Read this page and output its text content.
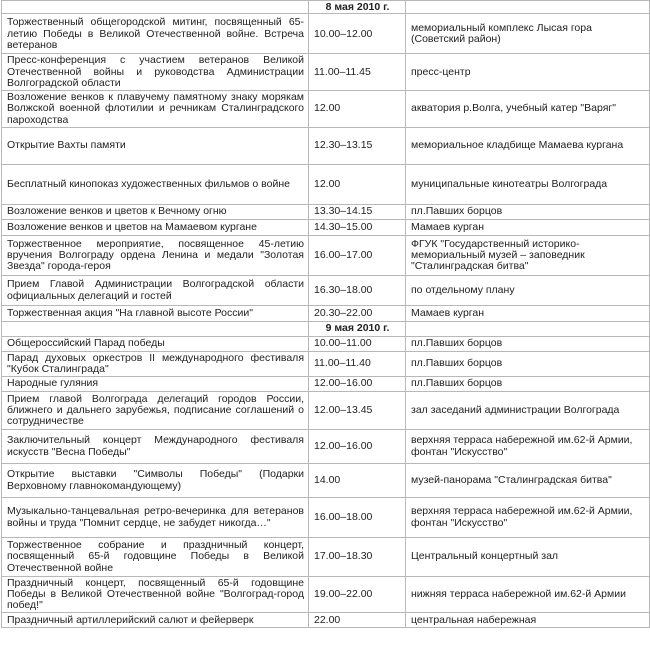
	8 мая 2010 г.	
Торжественный общегородской митинг, посвященный 65-летию Победы в Великой Отечественной войне. Встреча ветеранов	10.00–12.00	мемориальный комплекс Лысая гора (Советский район)
Пресс-конференция с участием ветеранов Великой Отечественной войны и руководства Администрации Волгоградской области	11.00–11.45	пресс-центр
Возложение венков к плавучему памятному знаку морякам Волжской военной флотилии и речникам Сталинградского пароходства	12.00	акватория р.Волга, учебный катер "Варяг"
Открытие Вахты памяти	12.30–13.15	мемориальное кладбище Мамаева кургана
Бесплатный кинопоказ художественных фильмов о войне	12.00	муниципальные кинотеатры Волгограда
Возложение венков и цветов к Вечному огню	13.30–14.15	пл.Павших борцов
Возложение венков и цветов на Мамаевом кургане	14.30–15.00	Мамаев курган
Торжественное мероприятие, посвященное 45-летию вручения Волгограду ордена Ленина и медали "Золотая Звезда" города-героя	16.00–17.00	ФГУК "Государственный историко-мемориальный музей – заповедник "Сталинградская битва"
Прием Главой Администрации Волгоградской области официальных делегаций и гостей	16.30–18.00	по отдельному плану
Торжественная акция "На главной высоте России"	20.30–22.00	Мамаев курган
	9 мая 2010 г.	
Общероссийский Парад победы	10.00–11.00	пл.Павших борцов
Парад духовых оркестров II международного фестиваля "Кубок Сталинграда"	11.00–11.40	пл.Павших борцов
Народные гуляния	12.00–16.00	пл.Павших борцов
Прием главой Волгограда делегаций городов России, ближнего и дальнего зарубежья, подписание соглашений о сотрудничестве	12.00–13.45	зал заседаний администрации Волгограда
Заключительный концерт Международного фестиваля искусств "Весна Победы"	12.00–16.00	верхняя терраса набережной им.62-й Армии, фонтан "Искусство"
Открытие выставки "Символы Победы" (Подарки Верховному главнокомандующему)	14.00	музей-панорама "Сталинградская битва"
Музыкально-танцевальная ретро-вечеринка для ветеранов войны и труда "Помнит сердце, не забудет никогда…"	16.00–18.00	верхняя терраса набережной им.62-й Армии, фонтан "Искусство"
Торжественное собрание и праздничный концерт, посвященный 65-й годовщине Победы в Великой Отечественной войне	17.00–18.30	Центральный концертный зал
Праздничный концерт, посвященный 65-й годовщине Победы в Великой Отечественной войне "Волгоград-город побед!"	19.00–22.00	нижняя терраса набережной им.62-й Армии
Праздничный артиллерийский салют и фейерверк	22.00	центральная набережная
